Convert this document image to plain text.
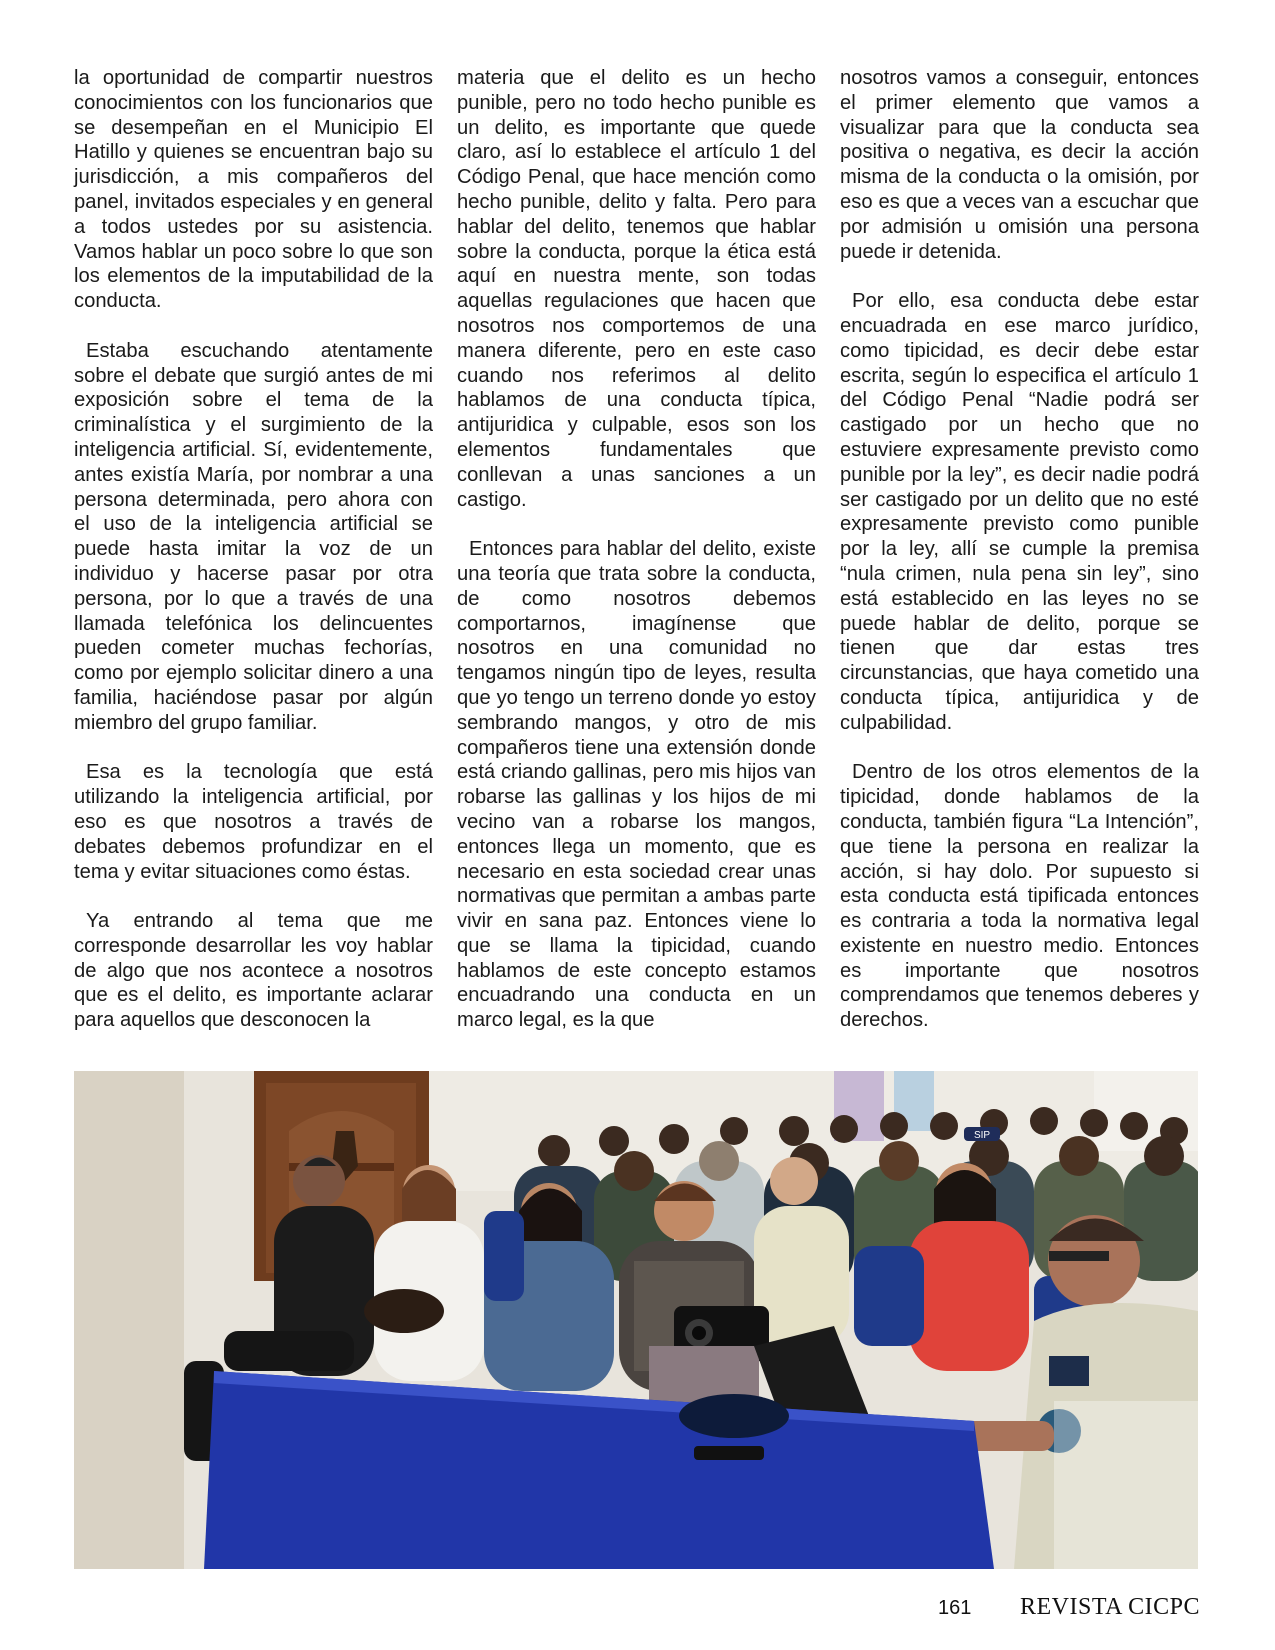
la oportunidad de compartir nuestros conocimientos con los funcionarios que se desempeñan en el Municipio El Hatillo y quienes se encuentran bajo su jurisdicción, a mis compañeros del panel, invitados especiales y en general a todos ustedes por su asistencia. Vamos hablar un poco sobre lo que son los elementos de la imputabilidad de la conducta.

Estaba escuchando atentamente sobre el debate que surgió antes de mi exposición sobre el tema de la criminalística y el surgimiento de la inteligencia artificial. Sí, evidentemente, antes existía María, por nombrar a una persona determinada, pero ahora con el uso de la inteligencia artificial se puede hasta imitar la voz de un individuo y hacerse pasar por otra persona, por lo que a través de una llamada telefónica los delincuentes pueden cometer muchas fechorías, como por ejemplo solicitar dinero a una familia, haciéndose pasar por algún miembro del grupo familiar.

Esa es la tecnología que está utilizando la inteligencia artificial, por eso es que nosotros a través de debates debemos profundizar en el tema y evitar situaciones como éstas.

Ya entrando al tema que me corresponde desarrollar les voy hablar de algo que nos acontece a nosotros que es el delito, es importante aclarar para aquellos que desconocen la

materia que el delito es un hecho punible, pero no todo hecho punible es un delito, es importante que quede claro, así lo establece el artículo 1 del Código Penal, que hace mención como hecho punible, delito y falta. Pero para hablar del delito, tenemos que hablar sobre la conducta, porque la ética está aquí en nuestra mente, son todas aquellas regulaciones que hacen que nosotros nos comportemos de una manera diferente, pero en este caso cuando nos referimos al delito hablamos de una conducta típica, antijuridica y culpable, esos son los elementos fundamentales que conllevan a unas sanciones a un castigo.

Entonces para hablar del delito, existe una teoría que trata sobre la conducta, de como nosotros debemos comportarnos, imagínense que nosotros en una comunidad no tengamos ningún tipo de leyes, resulta que yo tengo un terreno donde yo estoy sembrando mangos, y otro de mis compañeros tiene una extensión donde está criando gallinas, pero mis hijos van robarse las gallinas y los hijos de mi vecino van a robarse los mangos, entonces llega un momento, que es necesario en esta sociedad crear unas normativas que permitan a ambas parte vivir en sana paz. Entonces viene lo que se llama la tipicidad, cuando hablamos de este concepto estamos encuadrando una conducta en un marco legal, es la que

nosotros vamos a conseguir, entonces el primer elemento que vamos a visualizar para que la conducta sea positiva o negativa, es decir la acción misma de la conducta o la omisión, por eso es que a veces van a escuchar que por admisión u omisión una persona puede ir detenida.

Por ello, esa conducta debe estar encuadrada en ese marco jurídico, como tipicidad, es decir debe estar escrita, según lo especifica el artículo 1 del Código Penal “Nadie podrá ser castigado por un hecho que no estuviere expresamente previsto como punible por la ley”, es decir nadie podrá ser castigado por un delito que no esté expresamente previsto como punible por la ley, allí se cumple la premisa “nula crimen, nula pena sin ley”, sino está establecido en las leyes no se puede hablar de delito, porque se tienen que dar estas tres circunstancias, que haya cometido una conducta típica, antijuridica y de culpabilidad.

Dentro de los otros elementos de la tipicidad, donde hablamos de la conducta, también figura “La Intención”, que tiene la persona en realizar la acción, si hay dolo. Por supuesto si esta conducta está tipificada entonces es contraria a toda la normativa legal existente en nuestro medio. Entonces es importante que nosotros comprendamos que tenemos deberes y derechos.

SIP
161 REVISTA CICPC
